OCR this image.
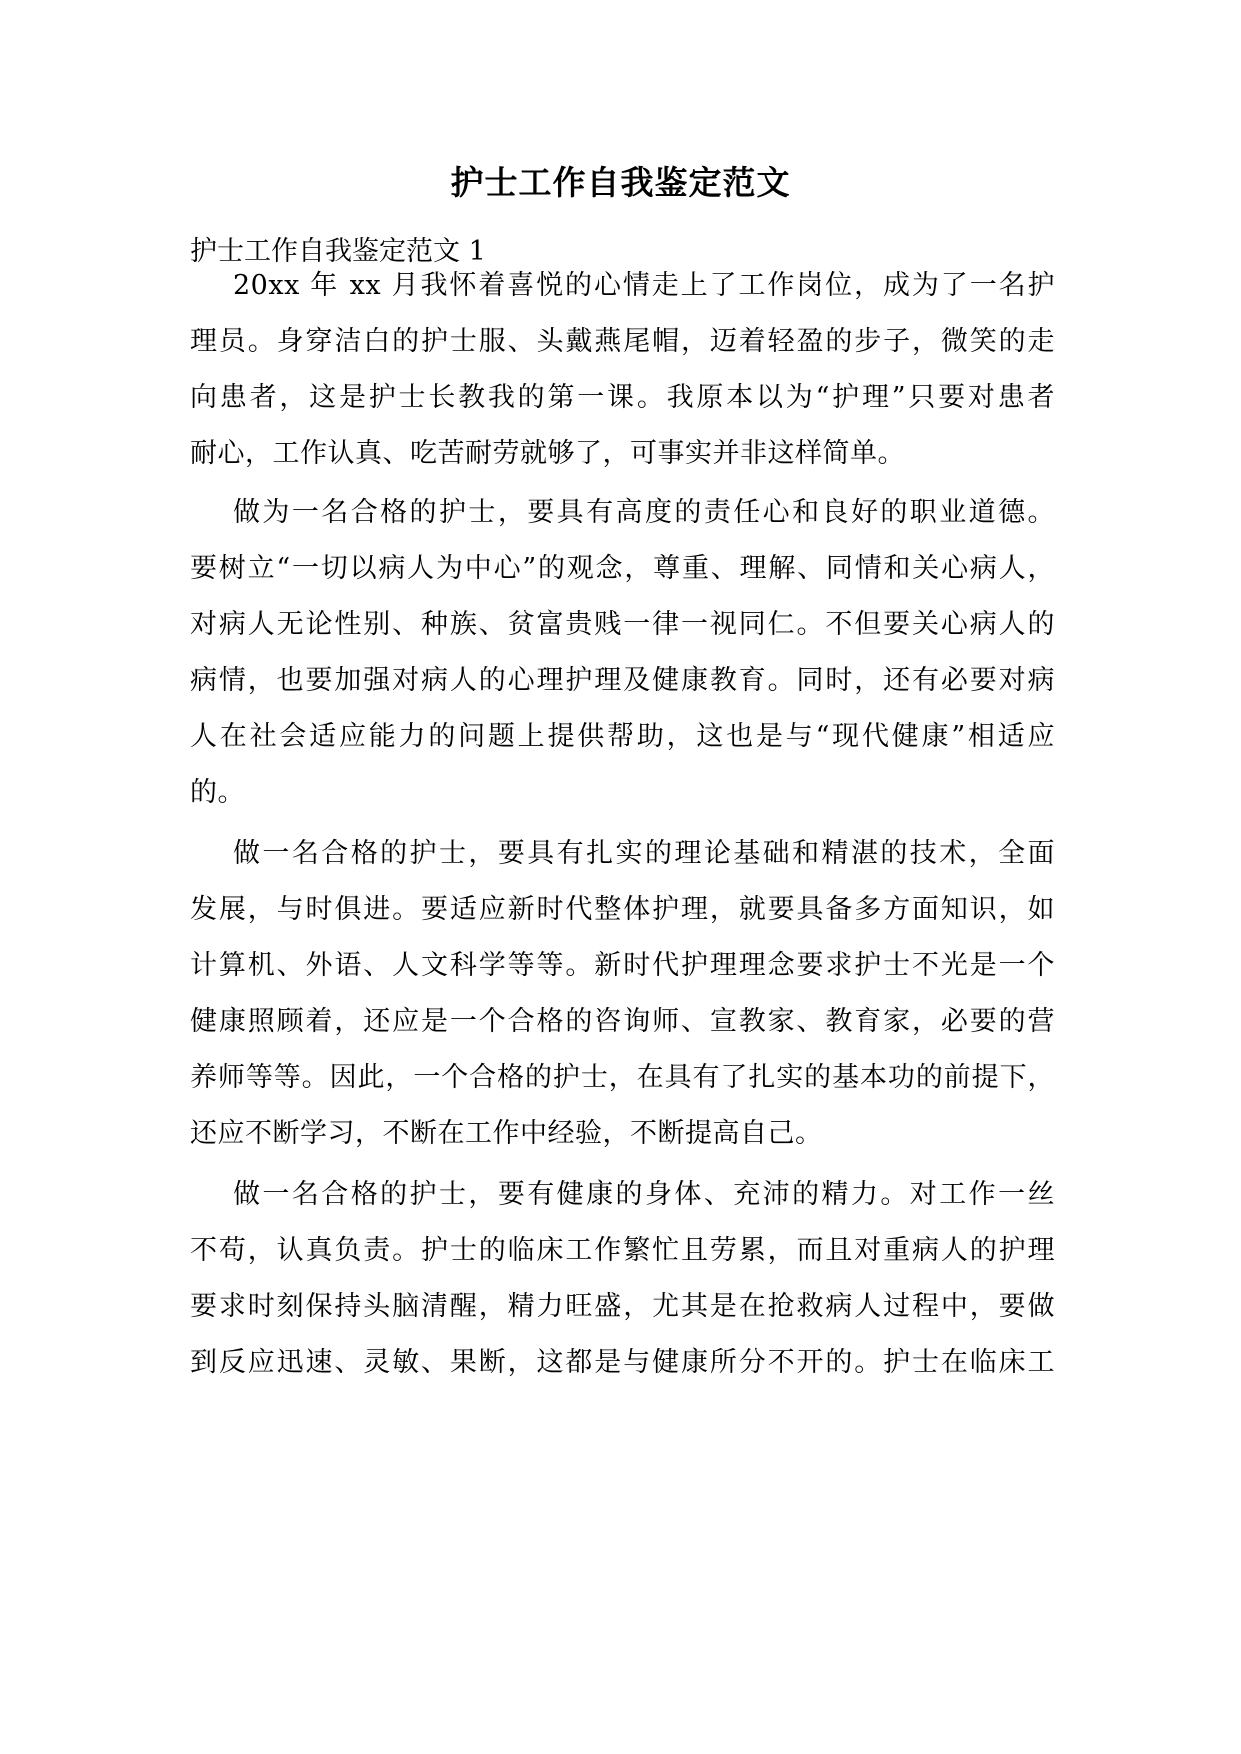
护士工作自我鉴定范文

护士工作自我鉴定范文 1

20xx 年 xx 月我怀着喜悦的心情走上了工作岗位，成为了一名护

理员。身穿洁白的护士服、头戴燕尾帽，迈着轻盈的步子，微笑的走

向患者，这是护士长教我的第一课。我原本以为“护理”只要对患者

耐心，工作认真、吃苦耐劳就够了，可事实并非这样简单。

做为一名合格的护士，要具有高度的责任心和良好的职业道德。

要树立“一切以病人为中心”的观念，尊重、理解、同情和关心病人，

对病人无论性别、种族、贫富贵贱一律一视同仁。不但要关心病人的

病情，也要加强对病人的心理护理及健康教育。同时，还有必要对病

人在社会适应能力的问题上提供帮助，这也是与“现代健康”相适应

的。

做一名合格的护士，要具有扎实的理论基础和精湛的技术，全面

发展，与时俱进。要适应新时代整体护理，就要具备多方面知识，如

计算机、外语、人文科学等等。新时代护理理念要求护士不光是一个

健康照顾着，还应是一个合格的咨询师、宣教家、教育家，必要的营

养师等等。因此，一个合格的护士，在具有了扎实的基本功的前提下，

还应不断学习，不断在工作中经验，不断提高自己。

做一名合格的护士，要有健康的身体、充沛的精力。对工作一丝

不苟，认真负责。护士的临床工作繁忙且劳累，而且对重病人的护理

要求时刻保持头脑清醒，精力旺盛，尤其是在抢救病人过程中，要做

到反应迅速、灵敏、果断，这都是与健康所分不开的。护士在临床工
